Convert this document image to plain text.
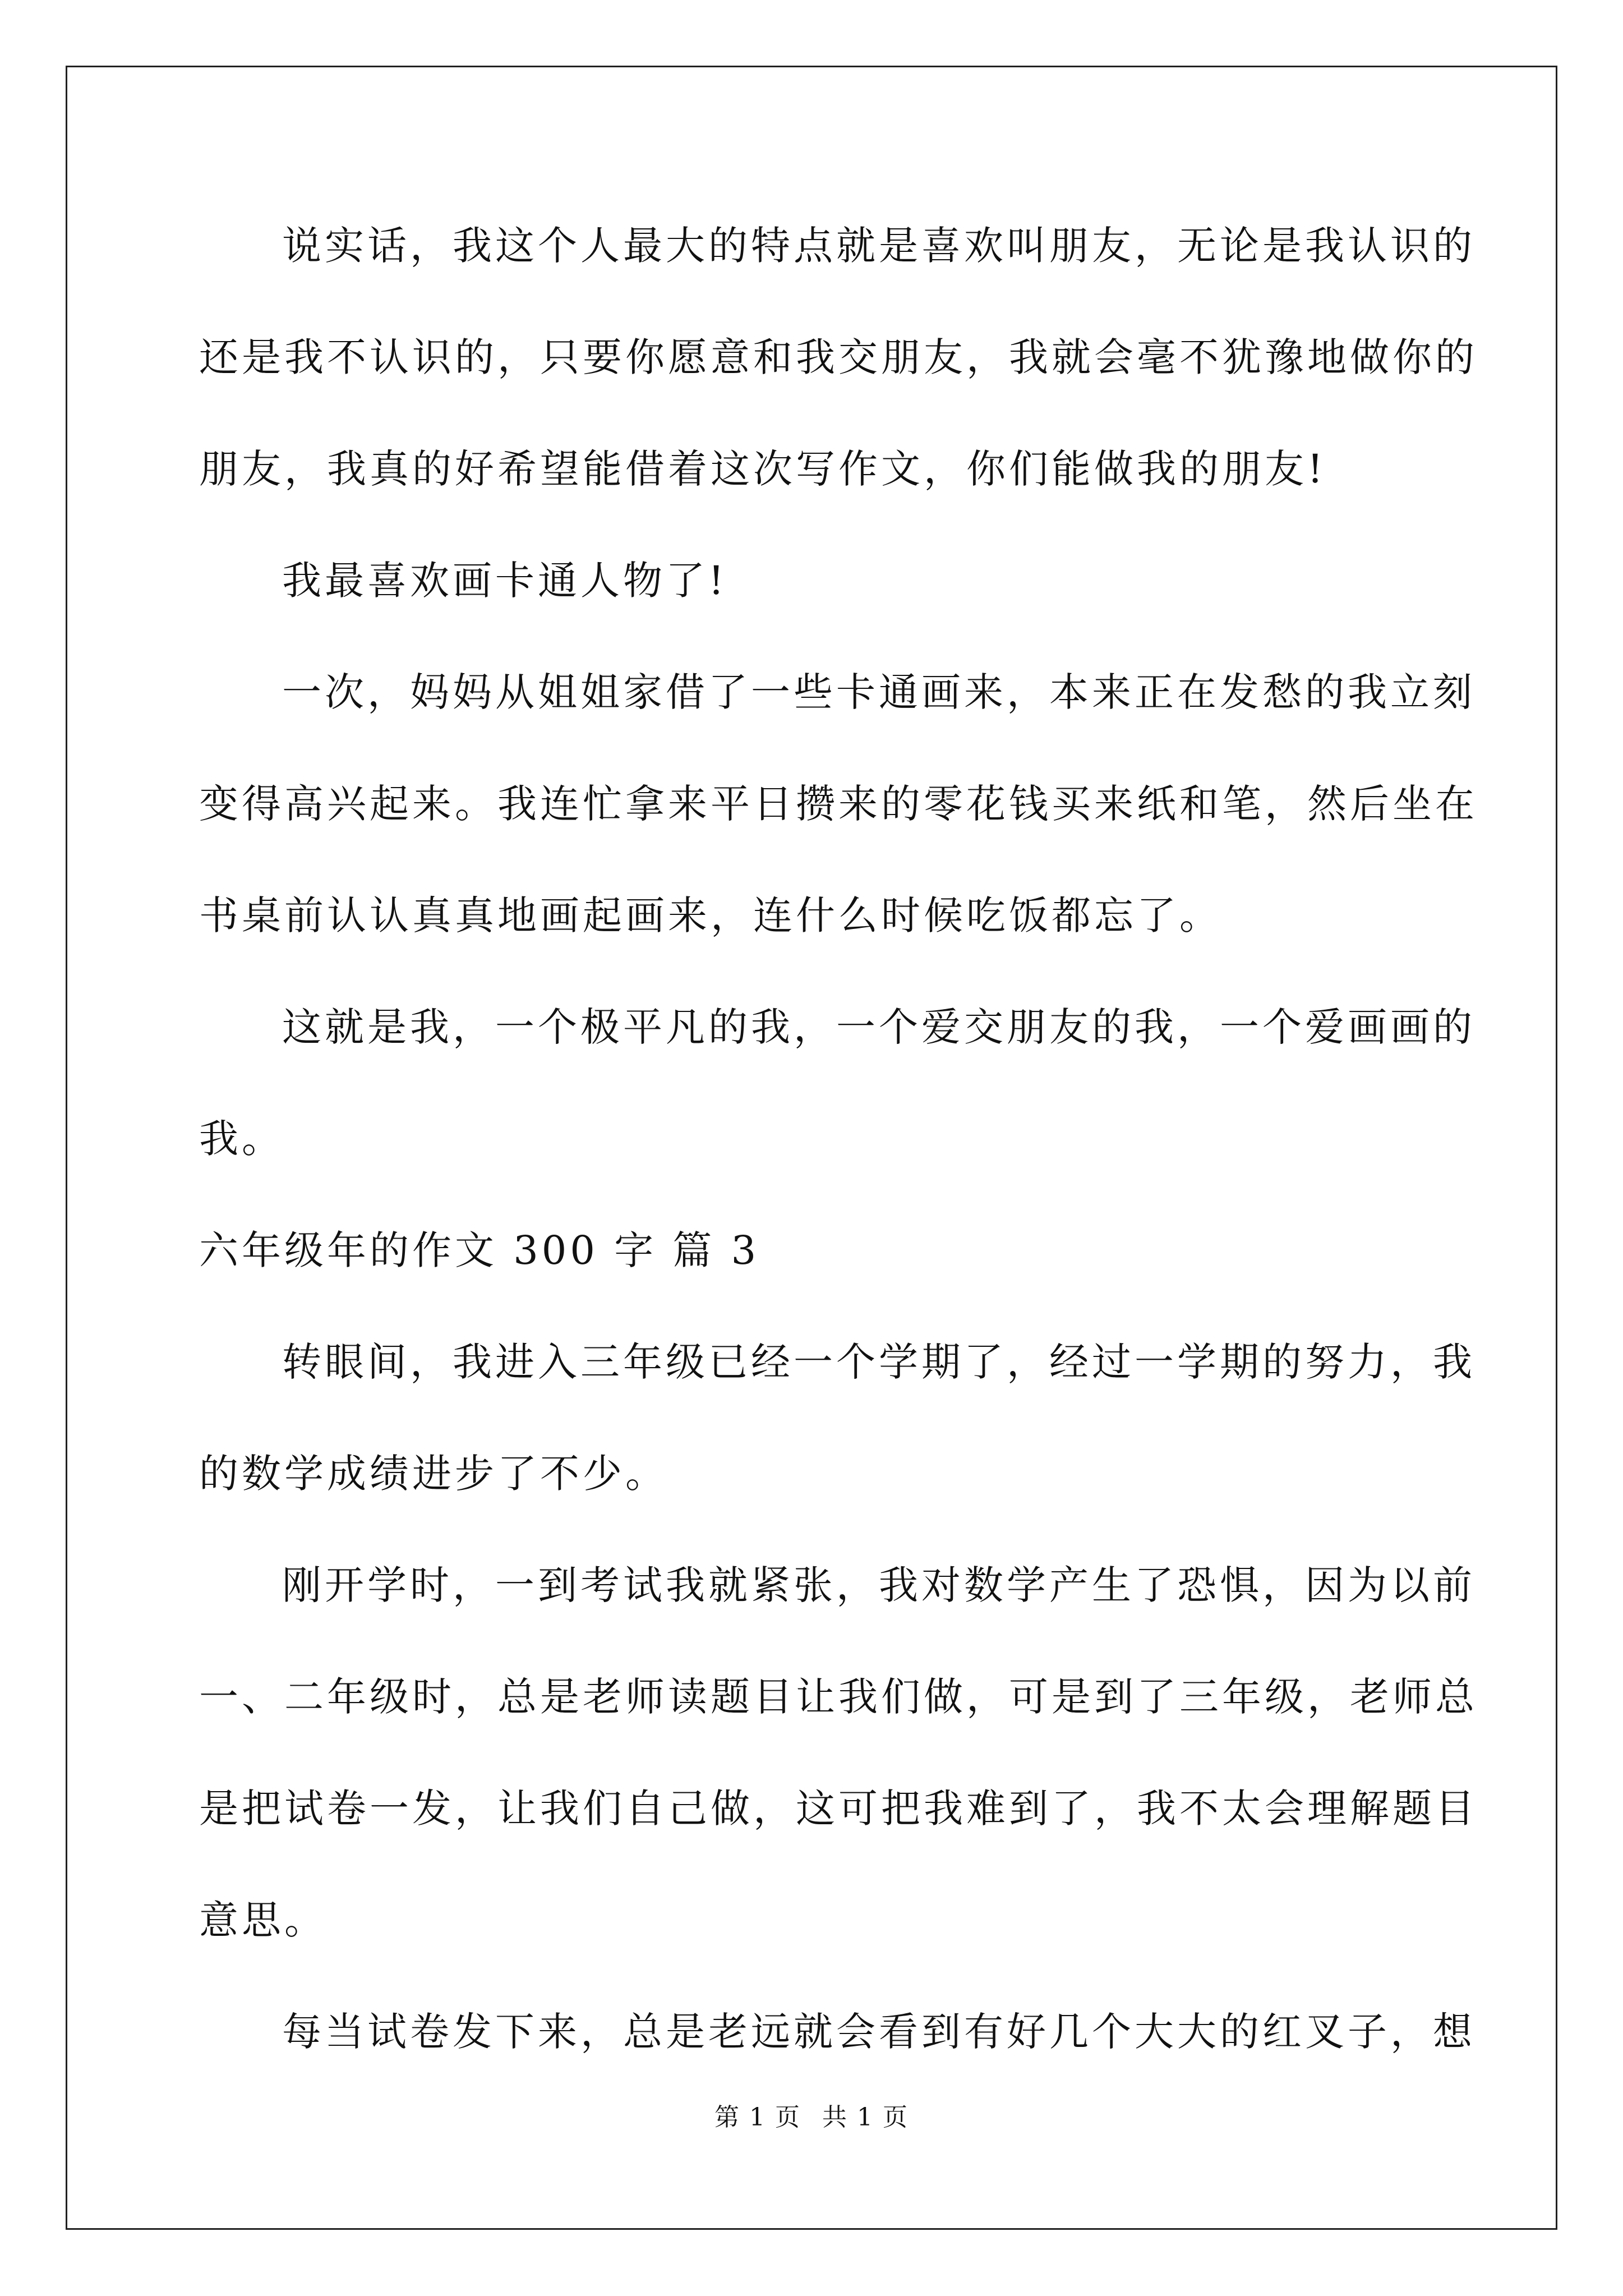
说实话，我这个人最大的特点就是喜欢叫朋友，无论是我认识的
还是我不认识的，只要你愿意和我交朋友，我就会毫不犹豫地做你的
朋友，我真的好希望能借着这次写作文，你们能做我的朋友!
我最喜欢画卡通人物了!
一次，妈妈从姐姐家借了一些卡通画来，本来正在发愁的我立刻
变得高兴起来。我连忙拿来平日攒来的零花钱买来纸和笔，然后坐在
书桌前认认真真地画起画来，连什么时候吃饭都忘了。
这就是我，一个极平凡的我，一个爱交朋友的我，一个爱画画的
我。
六年级年的作文 300 字 篇 3
转眼间，我进入三年级已经一个学期了，经过一学期的努力，我
的数学成绩进步了不少。
刚开学时，一到考试我就紧张，我对数学产生了恐惧，因为以前
一、二年级时，总是老师读题目让我们做，可是到了三年级，老师总
是把试卷一发，让我们自己做，这可把我难到了，我不太会理解题目
意思。
每当试卷发下来，总是老远就会看到有好几个大大的红叉子，想
第 1 页 共 1 页
